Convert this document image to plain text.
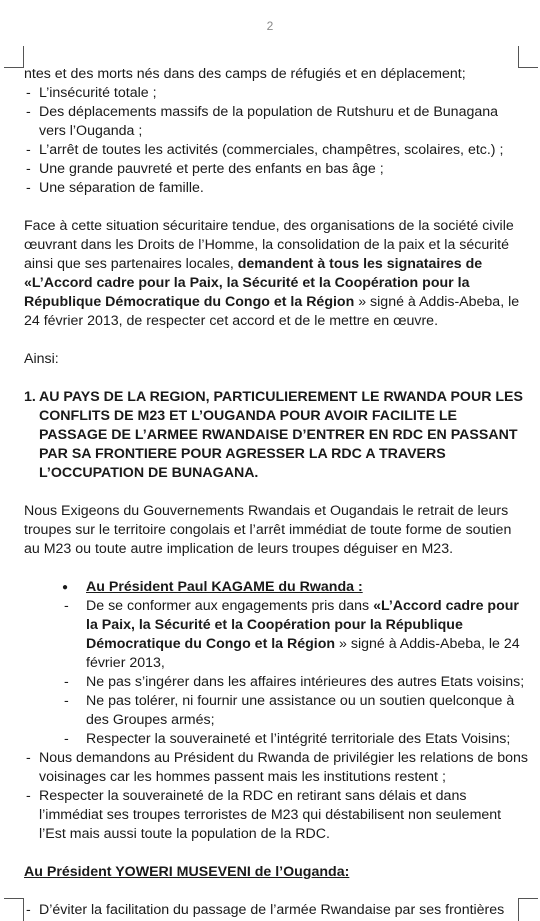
2

ntes et des morts nés dans des camps de réfugiés et en déplacement;

- L’insécurité totale ;

- Des déplacements massifs de la population de Rutshuru et de Bunagana vers l’Ouganda ;

- L’arrêt de toutes les activités (commerciales, champêtres, scolaires, etc.) ;

- Une grande pauvreté et perte des enfants en bas âge ;

- Une séparation de famille.

Face à cette situation sécuritaire tendue, des organisations de la société civile œuvrant dans les Droits de l’Homme, la consolidation de la paix et la sécurité ainsi que ses partenaires locales, demandent à tous les signataires de «L’Accord cadre pour la Paix, la Sécurité et la Coopération pour la République Démocratique du Congo et la Région » signé à Addis-Abeba, le 24 février 2013, de respecter cet accord et de le mettre en œuvre.

Ainsi:

1. AU PAYS DE LA REGION, PARTICULIEREMENT LE RWANDA POUR LES CONFLITS DE M23 ET L’OUGANDA POUR AVOIR FACILITE LE PASSAGE DE L’ARMEE RWANDAISE D’ENTRER EN RDC EN PASSANT PAR SA FRONTIERE POUR AGRESSER LA RDC A TRAVERS L’OCCUPATION DE BUNAGANA.

Nous Exigeons du Gouvernements Rwandais et Ougandais le retrait de leurs troupes sur le territoire congolais et l’arrêt immédiat de toute forme de soutien au M23 ou toute autre implication de leurs troupes déguiser en M23.

● Au Président Paul KAGAME du Rwanda :

- De se conformer aux engagements pris dans «L’Accord cadre pour la Paix, la Sécurité et la Coopération pour la République Démocratique du Congo et la Région » signé à Addis-Abeba, le 24 février 2013,

- Ne pas s’ingérer dans les affaires intérieures des autres Etats voisins;

- Ne pas tolérer, ni fournir une assistance ou un soutien quelconque à des Groupes armés;

- Respecter la souveraineté et l’intégrité territoriale des Etats Voisins;

- Nous demandons au Président du Rwanda de privilégier les relations de bons voisinages car les hommes passent mais les institutions restent ;

- Respecter la souveraineté de la RDC en retirant sans délais et dans l’immédiat ses troupes terroristes de M23 qui déstabilisent non seulement l’Est mais aussi toute la population de la RDC.

Au Président YOWERI MUSEVENI de l’Ouganda:

- D’éviter la facilitation du passage de l’armée Rwandaise par ses frontières
